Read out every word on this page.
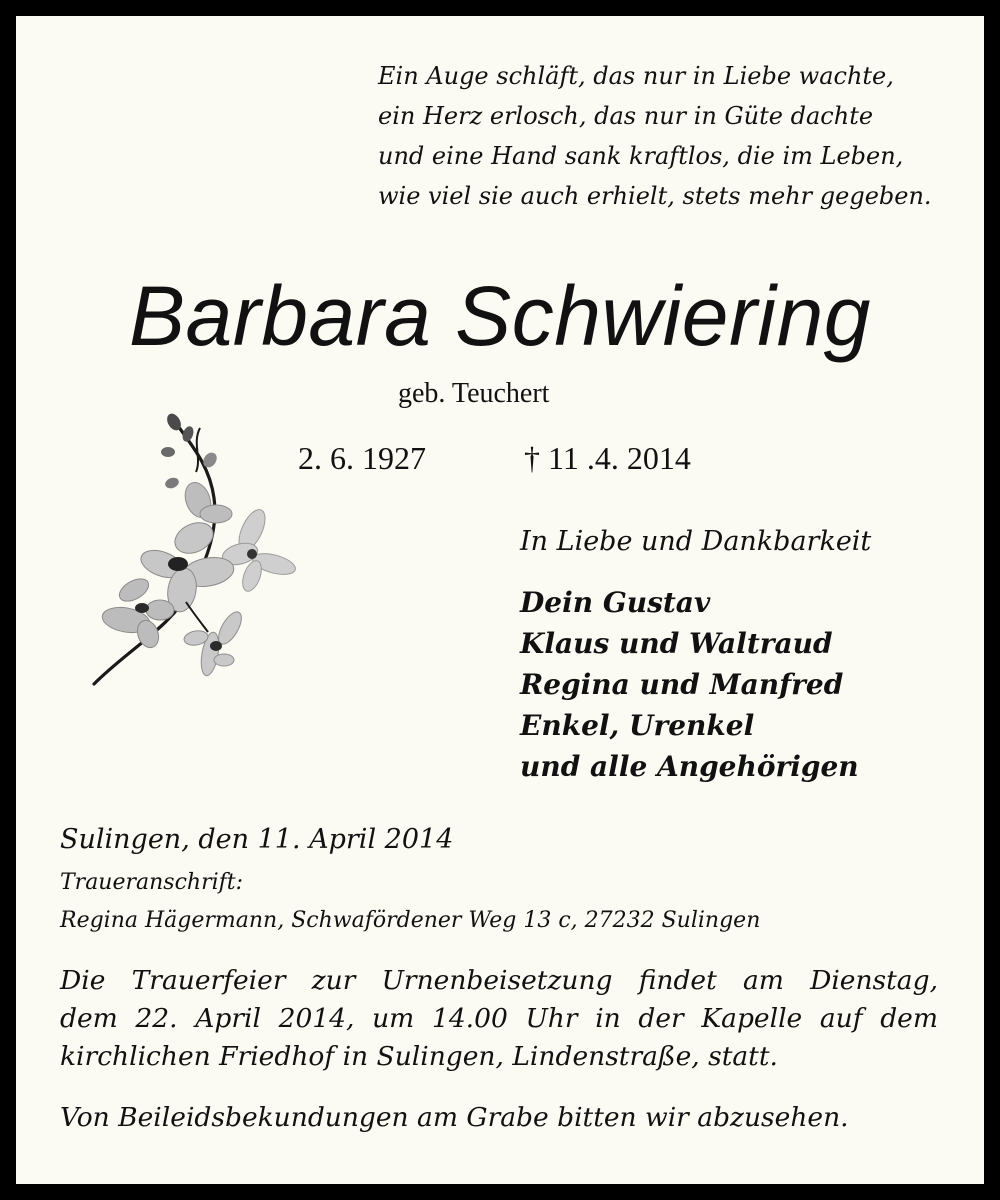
Ein Auge schläft, das nur in Liebe wachte,
ein Herz erlosch, das nur in Güte dachte
und eine Hand sank kraftlos, die im Leben,
wie viel sie auch erhielt, stets mehr gegeben.
Barbara Schwiering
geb. Teuchert
2. 6. 1927	† 11 .4. 2014
In Liebe und Dankbarkeit
Dein Gustav
Klaus und Waltraud
Regina und Manfred
Enkel, Urenkel
und alle Angehörigen
Sulingen, den 11. April 2014
Traueranschrift:
Regina Hägermann, Schwafördener Weg 13 c, 27232 Sulingen
Die Trauerfeier zur Urnenbeisetzung findet am Dienstag,
dem 22. April 2014, um 14.00 Uhr in der Kapelle auf dem
kirchlichen Friedhof in Sulingen, Lindenstraße, statt.
Von Beileidsbekundungen am Grabe bitten wir abzusehen.
